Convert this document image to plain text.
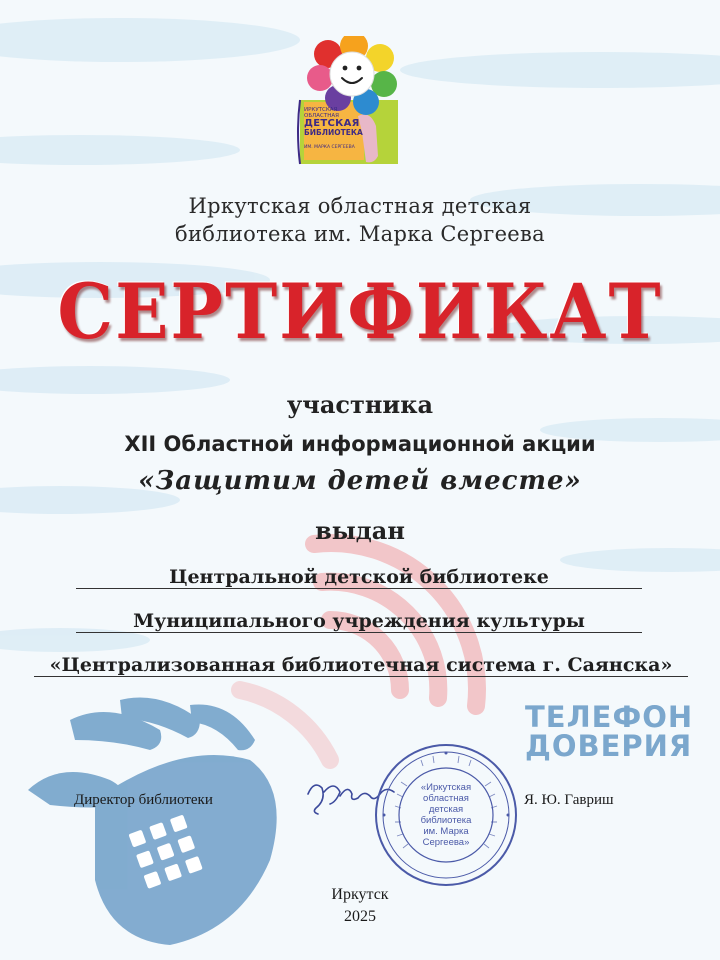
ИРКУТСКАЯ ОБЛАСТНАЯ
ДЕТСКАЯ
БИБЛИОТЕКА
ИМ. МАРКА СЕРГЕЕВА
Иркутская областная детская
библиотека им. Марка Сергеева
СЕРТИФИКАТ
участника
XII Областной информационной акции
«Защитим детей вместе»
выдан
Центральной детской библиотеке
Муниципального учреждения культуры
«Централизованная библиотечная система г. Саянска»
ТЕЛЕФОН
ДОВЕРИЯ
Директор библиотеки
«Иркутская
областная детская
библиотека
им. Марка
Сергеева»
Я. Ю. Гавриш
Иркутск
2025
